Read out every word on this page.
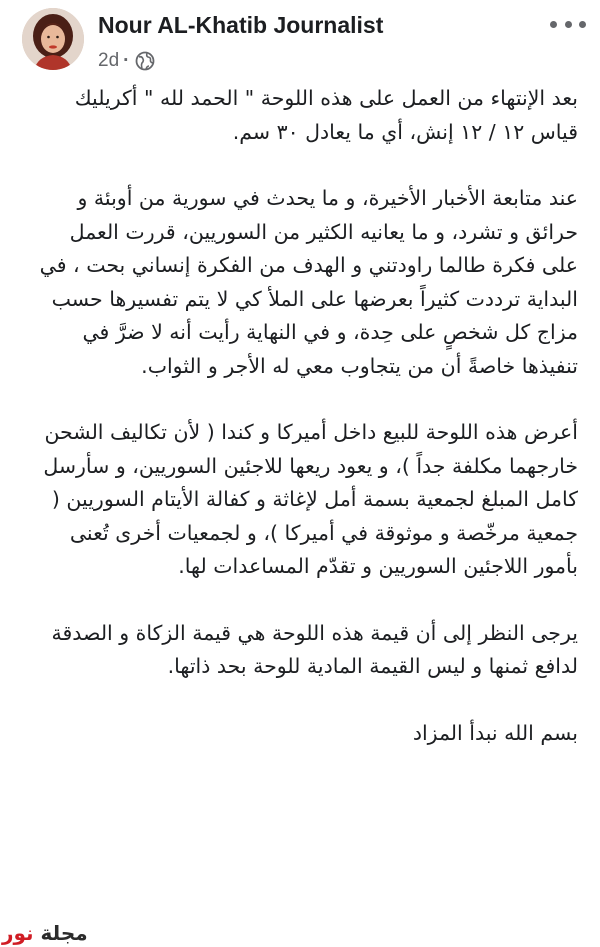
Nour AL-Khatib Journalist
2d ·

بعد الإنتهاء من العمل على هذه اللوحة " الحمد لله " أكريليك قياس ١٢ / ١٢ إنش، أي ما يعادل ٣٠ سم.

عند متابعة الأخبار الأخيرة، و ما يحدث في سورية من أوبئة و حرائق و تشرد، و ما يعانيه الكثير من السوريين، قررت العمل على فكرة طالما راودتني و الهدف من الفكرة إنساني بحت ، في البداية ترددت كثيراً بعرضها على الملأ كي لا يتم تفسيرها حسب مزاج كل شخصٍ على حِدة، و في النهاية رأيت أنه لا ضرَّ في تنفيذها خاصةً أن من يتجاوب معي له الأجر و الثواب.

أعرض هذه اللوحة للبيع داخل أميركا و كندا ( لأن تكاليف الشحن خارجهما مكلفة جداً )، و يعود ريعها للاجئين السوريين، و سأرسل كامل المبلغ لجمعية بسمة أمل لإغاثة و كفالة الأيتام السوريين ( جمعية مرخّصة و موثوقة في أميركا )، و لجمعيات أخرى تُعنى بأمور اللاجئين السوريين و تقدّم المساعدات لها.

يرجى النظر إلى أن قيمة هذه اللوحة هي قيمة الزكاة و الصدقة لدافع ثمنها و ليس القيمة المادية للوحة بحد ذاتها.

بسم الله نبدأ المزاد

مجلة نور
